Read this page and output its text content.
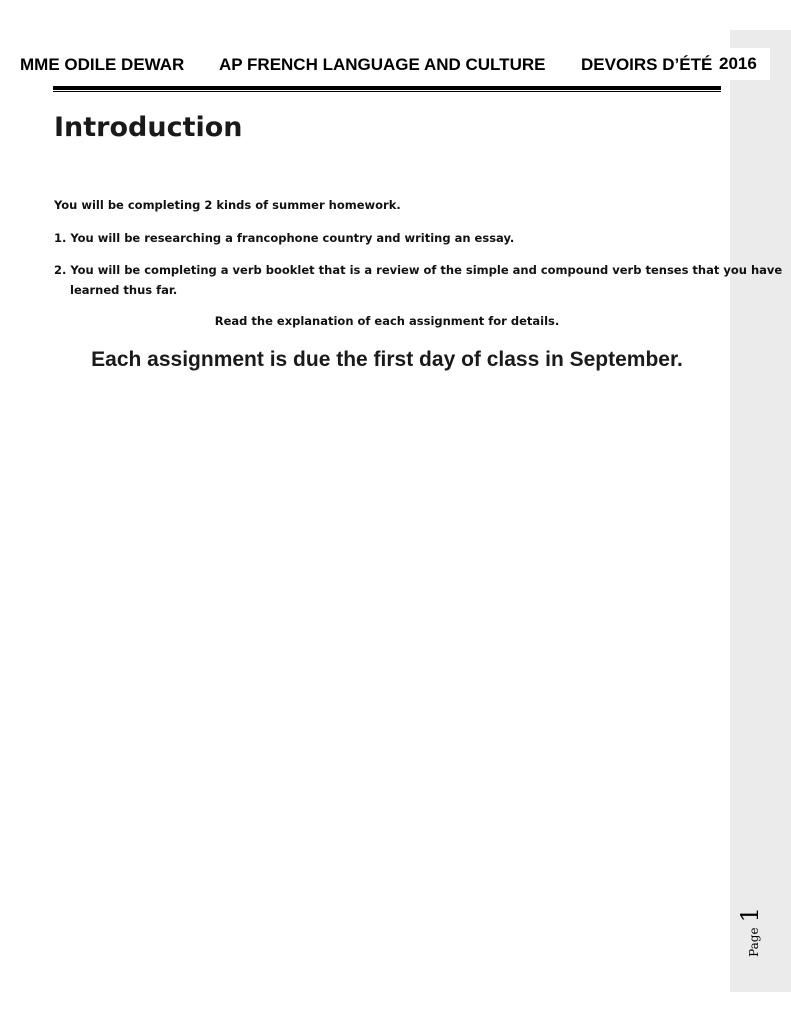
MME ODILE DEWAR AP FRENCH LANGUAGE AND CULTURE DEVOIRS D’ÉTÉ 2016
Introduction
You will be completing 2 kinds of summer homework.
1. You will be researching a francophone country and writing an essay.
2. You will be completing a verb booklet that is a review of the simple and compound verb tenses that you have
learned thus far.
Read the explanation of each assignment for details.
Each assignment is due the first day of class in September.
Page 1
